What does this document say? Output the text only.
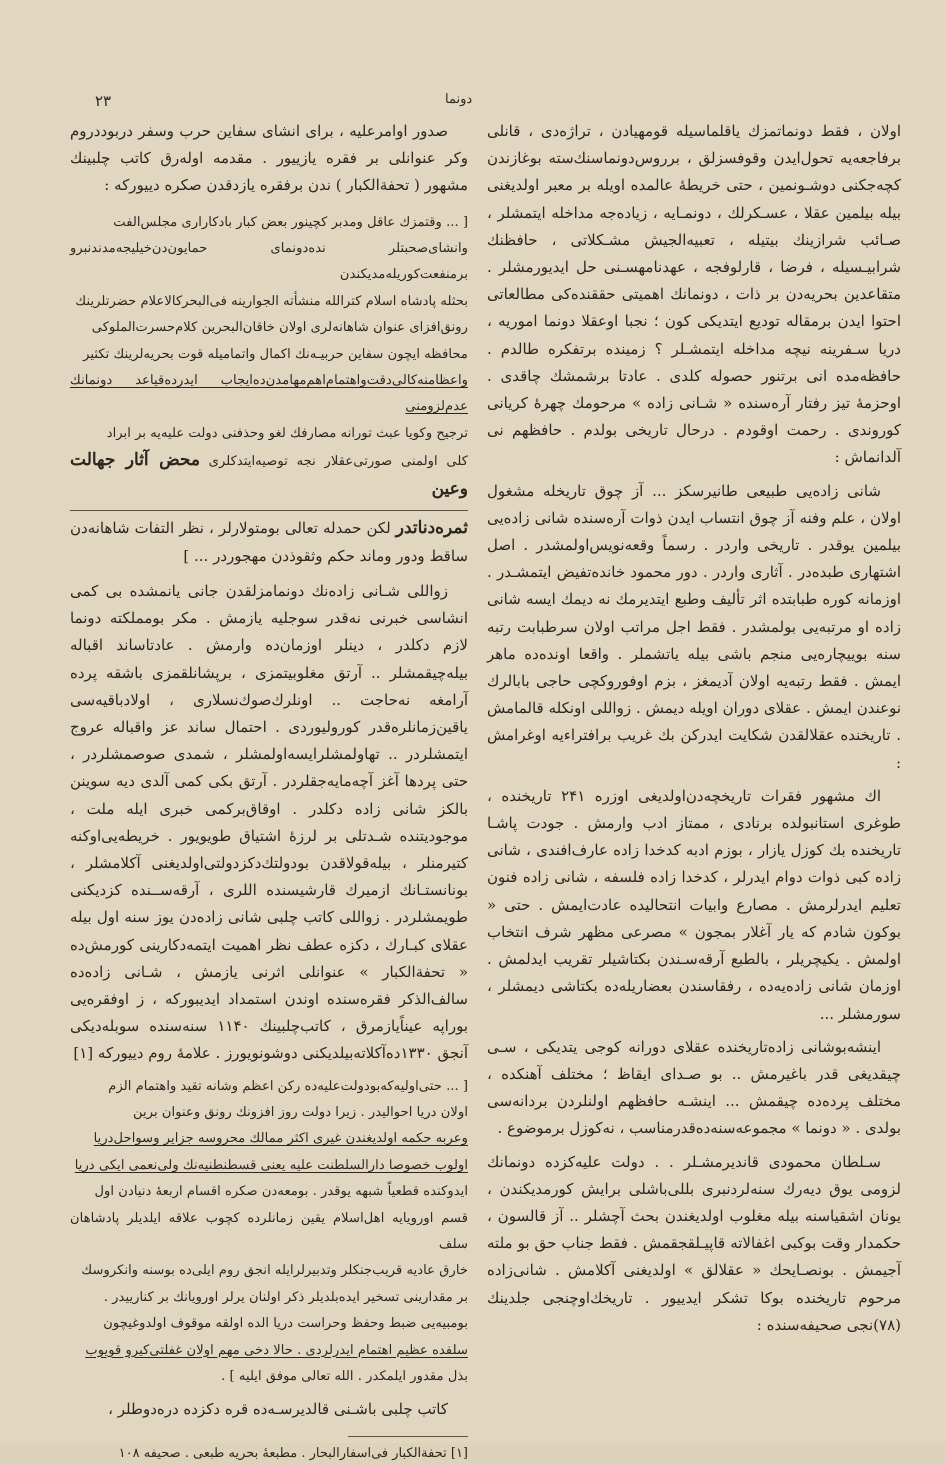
۲۳	دونما

اولان ، فقط دونماتمزك یاقلماسیله قومهیادن ، تراژه‌دی ، قانلی برفاجعه‌یه تحول‌ایدن وقوفسزلق ، برروس‌دونماسنك‌سته بوغازندن كچه‌جكنی دوشـونمین ، حتی خریطهٔ عالمده اویله بر معبر اولدیغنی بیله بیلمین عقلا ، عسـكرلك ، دونمـایه ، زیاده‌جه مداخله ایتمشلر ، صـائب شرازینك بیتیله ، تعبیه‌الجیش مشـكلاتی ، حافظنك شرابیـسیله ، فرضا ، قارلوفجه ، عهدنامهسـنی حل ایدیورمشلر . متقاعدین بحریه‌دن بر ذات ، دونمانك اهمیتی حققنده‌كی مطالعاتی احتوا ایدن برمقاله تودیع ایتدیكی كون ؛ نجبا اوعقلا دونما اموریه ، دریا سـفرینه نیچه مداخله ایتمشـلر ؟ زمینده برتفكره طالدم . حافظه‌مده انی برتنور حصوله كلدی . عادتا برشمشك چاقدی . اوحزمهٔ تیز رفتار آره‌سنده « شـانی زاده » مرحومك چهرهٔ كریانی كوروندی . رحمت اوقودم . درحال تاریخی بولدم . حافظهم نی آلدانماش :

شانی زاده‌یی طبیعی طانیرسكز ... آز چوق تاریخله مشغول اولان ، علم وفنه آز چوق انتساب ایدن ذوات آره‌سنده شانی زاده‌یی بیلمین یوقدر . تاریخی واردر . رسماً وقعه‌نویس‌اولمشدر . اصل اشتهاری طبده‌در . آثاری واردر . دور محمود خانده‌تفیض ایتمشـدر . اوزمانه كوره طبابتده اثر تألیف وطبع ایتدیرمك نه دیمك ایسه شانی زاده او مرتبه‌یی بولمشدر . فقط اجل مراتب اولان سرطبابت رتبه‌ سنه بوییچاره‌یی منجم باشی بیله یاتشملر . واقعا اونده‌ده ماهر ایمش . فقط رتبه‌یه اولان آدیمغز ، بزم اوفوروكچی حاجی بابالرك نوعندن ایمش . عقلای دوران اویله دیمش . زواللی اونكله قالمامش . تاریخنده عقلالقدن شكایت ایدركن بك غریب برافتراءیه اوغرامش :

اك مشهور فقرات تاریخچه‌دن‌اولدیغی اوزره ۲۴۱ تاریخنده ، طوغری استانبولده برنادی ، ممتاز ادب وارمش . جودت پاشـا تاریخنده بك كوزل یازار ، بوزم ادبه كدخدا زاده عارف‌افندی ، شانی زاده كبی ذوات دوام ایدرلر ، كدخدا زاده فلسفه ، شانی زاده فنون تعلیم ایدرلرمش . مصارع وابیات انتحالیده عادت‌ایمش . حتی « بوكون شادم كه یار آغلار بمجون » مصرعی مظهر شرف انتخاب اولمش . یكیچریلر ، بالطبع آرقه‌سـندن بكتاشیلر تقریب ایدلمش . اوزمان شانی زاده‌یه‌ده ، رفقاسندن بعضاریله‌ده بكتاشی دیمشلر ، سورمشلر ...

اینشه‌بوشانی زاده‌تاریخنده عقلای دورانه كوجی یتدیكی ، سـی چیقدیغی قدر باغیرمش .. بو صـدای ایقاظ ؛ مختلف آهنكده ، مختلف پرده‌ده چیقمش ... اینشـه حافظهم اولنلردن بردانه‌سی بولدی . « دونما » مجموعه‌سنه‌ده‌قدرمناسب ، نه‌كوزل برموضوع .

سـلطان محمودی قاندیرمشـلر . . دولت علیه‌كزده دونمانك لزومی یوق دیه‌رك سنه‌لردنبری بللی‌باشلی برایش كورمدیكندن ، یونان اشقیاسنه بیله مغلوب اولدیغندن بحث آچشلر .. آز قالسون ، حكمدار وقت بوكبی اغفالاته قاپیـلقجقمش . فقط جناب حق بو ملته آجیمش . بونصـایحك « عقلالق » اولدیغنی آكلامش . شانی‌زاده مرحوم تاریخنده بوكا تشكر ایدییور . تاریخك‌اوچنجی جلدینك (۷۸)نجی صحیفه‌سنده :

صدور اوامرعلیه ، برای انشای سفاین حرب وسفر دربوددروم وكر عنوانلی بر فقره یازییور . مقدمه اوله‌رق كاتب چلبینك مشهور ( تحفة‌الكبار ) ندن برفقره یازدقدن صكره دییوركه :

[ ... وقتمزك عاقل ومدبر كچینور بعض كبار بادكاراری مجلس‌الفت

وانشای‌صحبتلر نده‌دونمای حمایون‌دن‌خیلیجه‌مدندنبرو برمنفعت‌كوریله‌مدیكندن

بحثله پادشاه اسلام كترالله منشأته الجوارینه فی‌البحركالاعلام حضرتلرینك

رونق‌افزای عنوان شاهانه‌لری اولان خاقان‌البحرین كلام‌حسرت‌الملوكی

محافظه ایچون سفاین حربیـه‌نك اكمال واتمامیله قوت بحریه‌لرینك تكثیر

واعظامنه‌كالی‌دقت‌واهتمام‌اهم‌مهامدن‌ده‌ایجاب ایدرده‌قیاعد دونمانك عدم‌لزومنی

ترجیح وكویا عبث تورانه مصارفك لغو وحذفنی دولت علیه‌یه بر ابراد

كلی اولمنی صورتی‌عقلار نجه توصیه‌ایتدكلری محض آثار جهالت وعین

ثمره‌دناتدر لكن حمدله تعالی بومتولارلر ، نظر التفات شاهانه‌دن ساقط ودور وماند حكم وثقوذدن مهجوردر ... ]

زواللی شـانی زاده‌نك دونمامزلقدن جانی یانمشده بی كمی انشاسی خبرنی نه‌قدر سوجلیه یازمش . مكر بومملكته دونما لازم دكلدر ، دینلر اوزمان‌ده وارمش . عادتاساند اقباله بیله‌چیقمشلر .. آرتق مغلوبیتمزی ، برپشانلقمزی باشقه پرده آرامغه نه‌حاجت .. اونلرك‌صوك‌نسلاری ، اولادباقیه‌سی یاقین‌زمانلره‌قدر كورولیوردی . احتمال ساند عز واقباله عروج ایتمشلردر .. تهاولمشلرایسه‌اولمشلر ، شمدی صوصمشلردر ، حتی پردها آغز آچه‌مایه‌جقلردر . آرتق بكی كمی آلدی دیه سوینن بالكز شانی زاده دكلدر . اوقاق‌بركمی خبری ایله ملت ، موجودیتنده شـدتلی بر لرزهٔ اشتیاق طویویور . خریطه‌یی‌اوكنه كتیرمنلر ، بیله‌قولاقدن بودولتك‌دكزدولتی‌اولدیغنی آكلامشلر ، بونانستـانك ازمیرك قارشیسنده اللری ، آرقه‌ســنده كزدیكنی طویمشلردر . زواللی كاتب چلبی شانی زاده‌دن یوز سنه اول بیله عقلای كبـارك ، دكزه عطف نظر اهمیت ایتمه‌دكارینی كورمش‌ده « تحفة‌الكبار » عنوانلی اثرنی یازمش ، شـانی زاده‌ده سالف‌الذكر فقره‌سنده اوندن استمداد ایدیبوركه ، ز اوفقره‌یی بوراپه عیناًیازمرق ، كاتب‌چلبینك ۱۱۴۰ سنه‌سنده سوبله‌دیكی آنجق ۱۳۳۰ده‌آكلاته‌بیلدیكنی دوشونویورز . علامهٔ روم دییوركه [۱]

[ ... حتی‌اولیه‌كه‌بودولت‌علیه‌ده ركن اعظم وشانه تقید واهتمام الزم

اولان دریا احوالیدر . زیرا دولت روز افزونك رونق وعنوان برین

وعربه حكمه اولدیغندن غیری اكثر ممالك محروسه جزایر وسواحل‌دریا

اولوب خصوصا دارالسلطنت علیه یعنی قسطنطنیه‌نك ولی‌نعمی ایكی دریا

ایدوكنده قطعیاً شبهه یوقدر . بومعه‌دن صكره اقسام اربعهٔ دنیادن اول

قسم اورویایه اهل‌اسلام یقین زمانلرده كچوب علاقه ایلدیلر پادشاهان سلف

خارق عادیه قریب‌جنكلر وتدبیرلرایله انجق روم ایلی‌ده بوسنه وانكروسك

بر مقدارینی تسخیر ایده‌بلدیلر ذكر اولنان یرلر اورویانك بر كنارییدر .

بومبیه‌یی ضبط وحفظ وحراست دریا الده اولقه موقوف اولدوغیچون

سلفده عظیم اهتمام ایدرلردی . حالا دخی مهم اولان غفلتی‌كیرو قویوب

بذل مقدور ایلمكدر . الله تعالی موفق ایلیه ] .

كاتب چلبی باشـنی قالدیرسـه‌ده قره دكزده دره‌دوطلر ،

[۱] تحفة‌الكبار فی‌اسفار‌البحار . مطبعهٔ بحریه طبعی . صحیفه ۱۰۸
